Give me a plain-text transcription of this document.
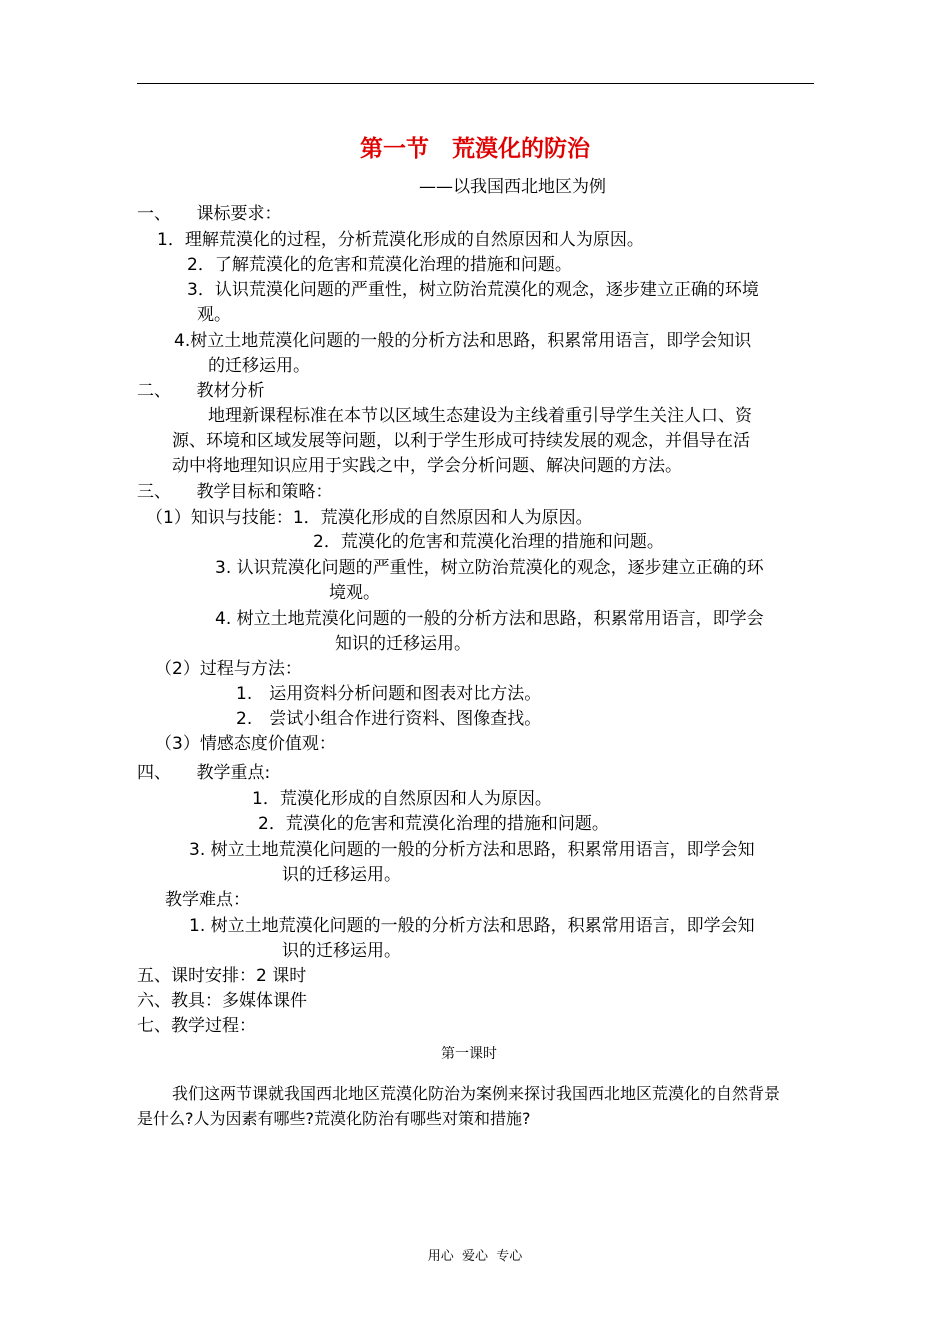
第一节　荒漠化的防治
——以我国西北地区为例
一、　　课标要求：
1．理解荒漠化的过程，分析荒漠化形成的自然原因和人为原因。
2．了解荒漠化的危害和荒漠化治理的措施和问题。
3．认识荒漠化问题的严重性，树立防治荒漠化的观念，逐步建立正确的环境
观。
4.树立土地荒漠化问题的一般的分析方法和思路，积累常用语言，即学会知识
的迁移运用。
二、　　教材分析
地理新课程标准在本节以区域生态建设为主线着重引导学生关注人口、资
源、环境和区域发展等问题，以利于学生形成可持续发展的观念，并倡导在活
动中将地理知识应用于实践之中，学会分析问题、解决问题的方法。
三、　　教学目标和策略：
（1）知识与技能：1．荒漠化形成的自然原因和人为原因。
2．荒漠化的危害和荒漠化治理的措施和问题。
3. 认识荒漠化问题的严重性，树立防治荒漠化的观念，逐步建立正确的环
境观。
4. 树立土地荒漠化问题的一般的分析方法和思路，积累常用语言，即学会
知识的迁移运用。
（2）过程与方法：
1.　运用资料分析问题和图表对比方法。
2.　尝试小组合作进行资料、图像查找。
（3）情感态度价值观：
四、　　教学重点:
1．荒漠化形成的自然原因和人为原因。
2．荒漠化的危害和荒漠化治理的措施和问题。
3. 树立土地荒漠化问题的一般的分析方法和思路，积累常用语言，即学会知
识的迁移运用。
教学难点：
1. 树立土地荒漠化问题的一般的分析方法和思路，积累常用语言，即学会知
识的迁移运用。
五、课时安排：2 课时
六、教具：多媒体课件
七、教学过程：
第一课时
我们这两节课就我国西北地区荒漠化防治为案例来探讨我国西北地区荒漠化的自然背景
是什么?人为因素有哪些?荒漠化防治有哪些对策和措施?
用心  爱心  专心
